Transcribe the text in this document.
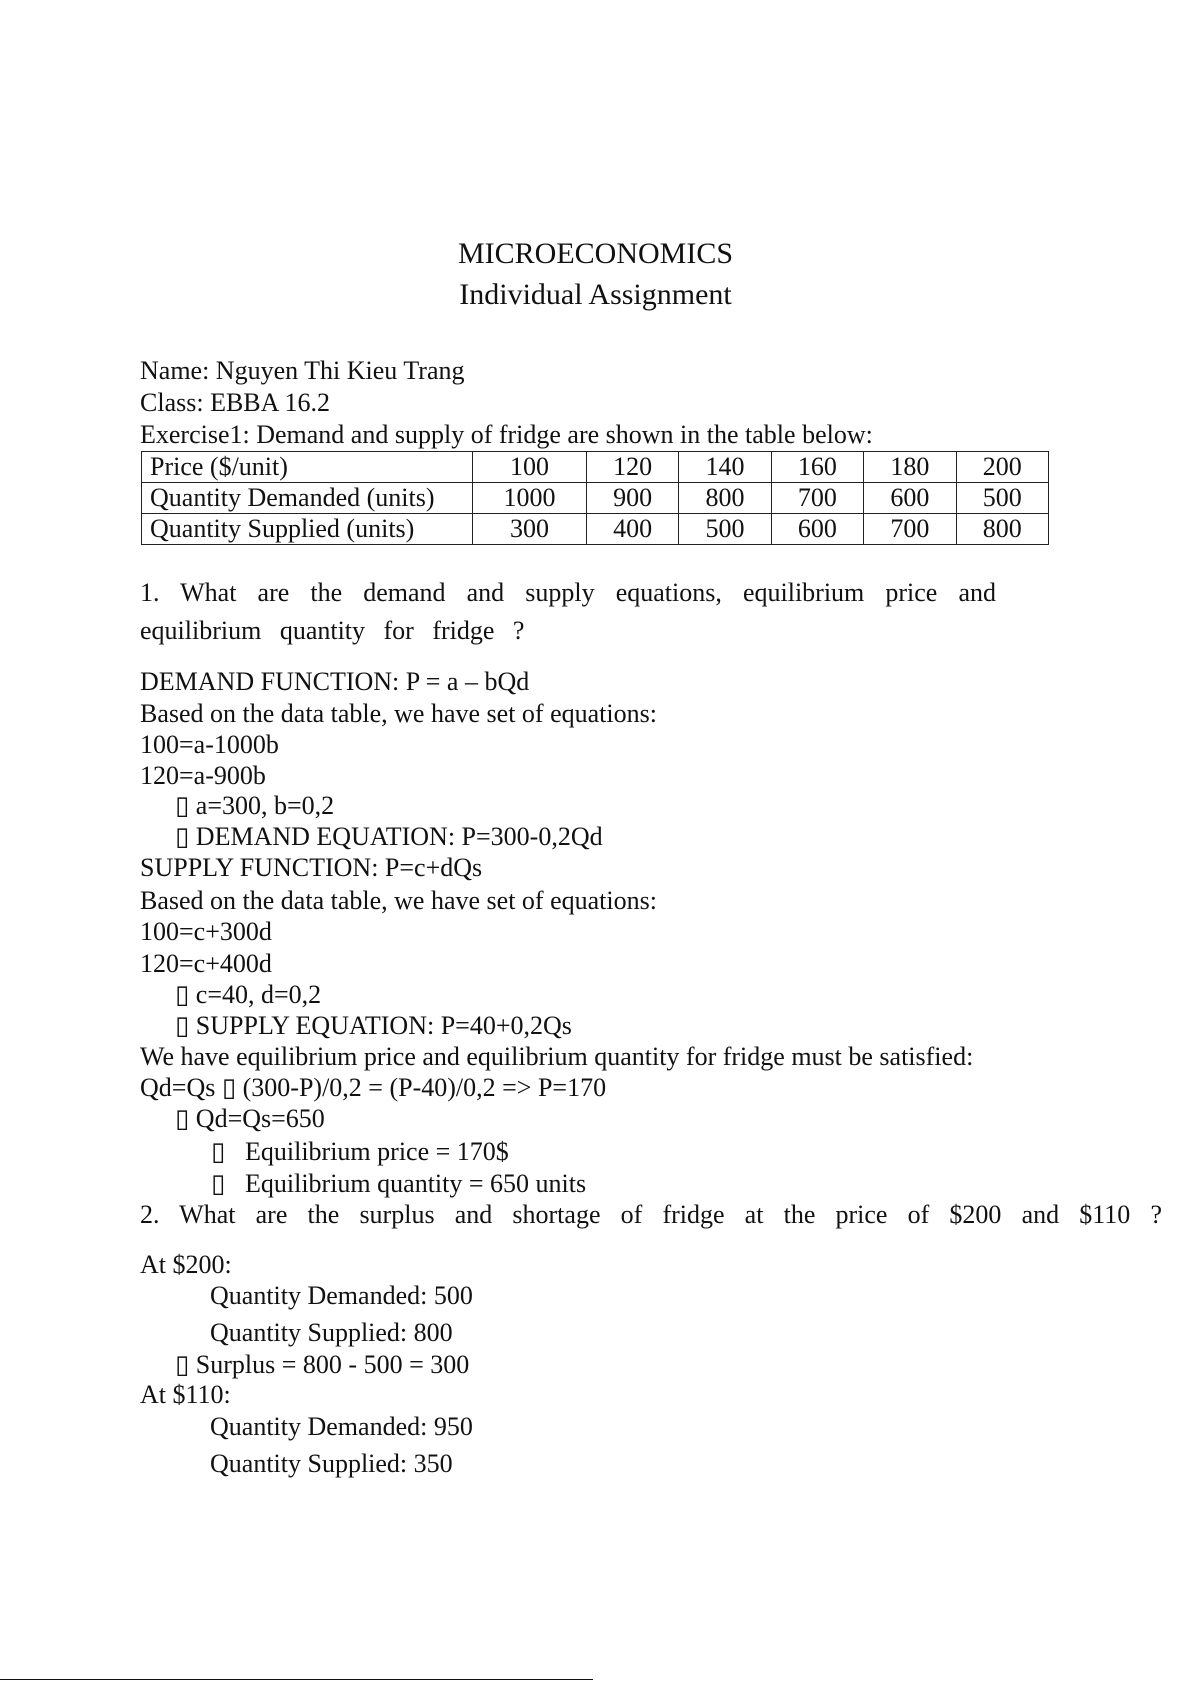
MICROECONOMICS
Individual Assignment
Name: Nguyen Thi Kieu Trang
Class: EBBA 16.2
Exercise1: Demand and supply of fridge are shown in the table below:
Price ($/unit)	100	120	140	160	180	200
Quantity Demanded (units)	1000	900	800	700	600	500
Quantity Supplied (units)	300	400	500	600	700	800
1. What are the demand and supply equations, equilibrium price and
equilibrium quantity for fridge ?
DEMAND FUNCTION: P = a – bQd
Based on the data table, we have set of equations:
100=a-1000b
120=a-900b
▯ a=300, b=0,2
▯ DEMAND EQUATION: P=300-0,2Qd
SUPPLY FUNCTION: P=c+dQs
Based on the data table, we have set of equations:
100=c+300d
120=c+400d
▯ c=40, d=0,2
▯ SUPPLY EQUATION: P=40+0,2Qs
We have equilibrium price and equilibrium quantity for fridge must be satisfied:
Qd=Qs ▯ (300-P)/0,2 = (P-40)/0,2 => P=170
▯ Qd=Qs=650
▯ Equilibrium price = 170$
▯ Equilibrium quantity = 650 units
2. What are the surplus and shortage of fridge at the price of $200 and $110 ?
At $200:
Quantity Demanded: 500
Quantity Supplied: 800
▯ Surplus = 800 - 500 = 300
At $110:
Quantity Demanded: 950
Quantity Supplied: 350
